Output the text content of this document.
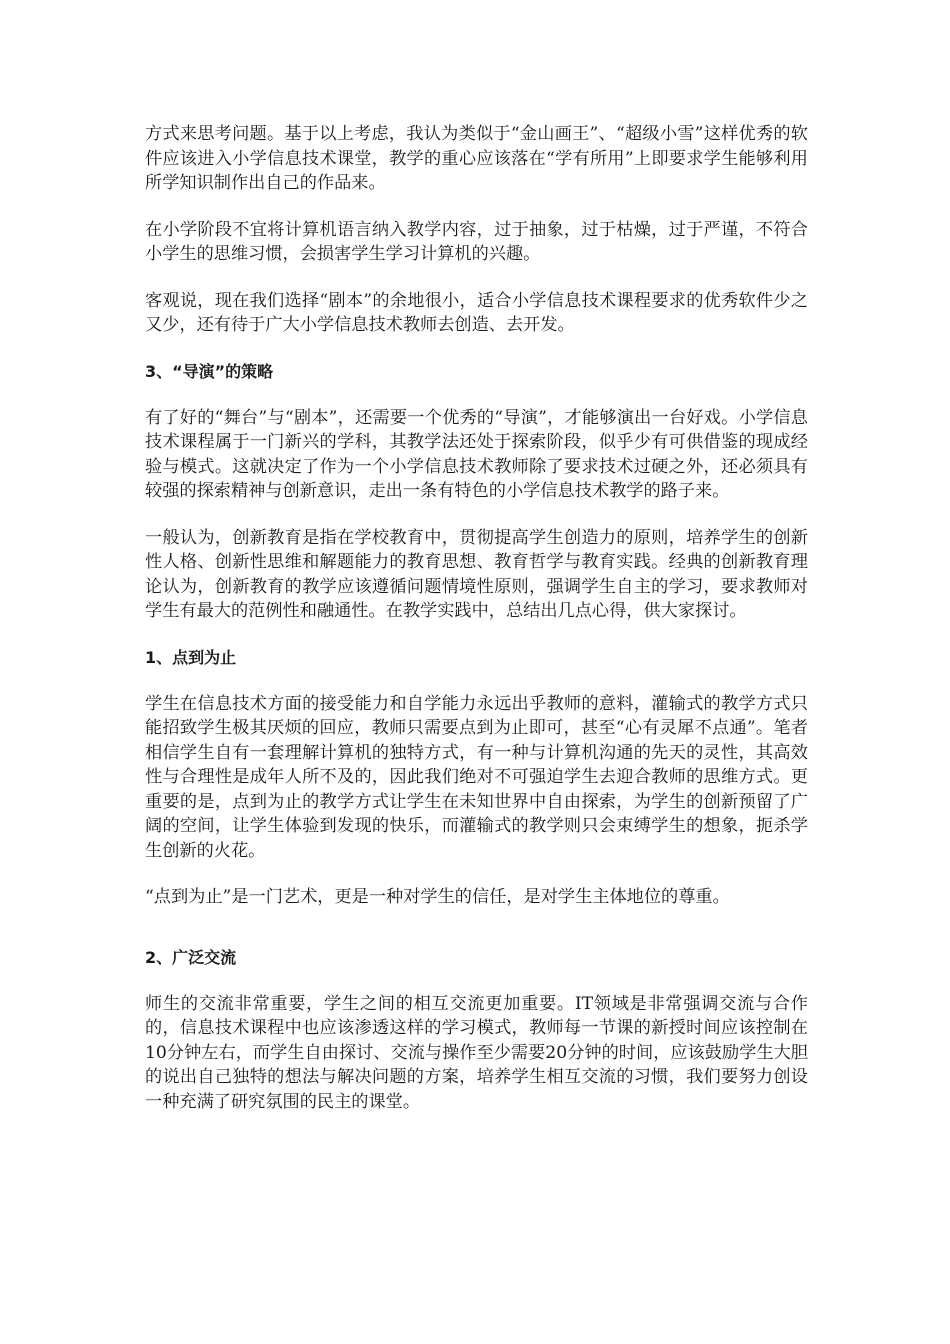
方式来思考问题。基于以上考虑，我认为类似于“金山画王”、“超级小雪”这样优秀的软件应该进入小学信息技术课堂，教学的重心应该落在“学有所用”上即要求学生能够利用所学知识制作出自己的作品来。

在小学阶段不宜将计算机语言纳入教学内容，过于抽象，过于枯燥，过于严谨，不符合小学生的思维习惯，会损害学生学习计算机的兴趣。

客观说，现在我们选择“剧本”的余地很小，适合小学信息技术课程要求的优秀软件少之又少，还有待于广大小学信息技术教师去创造、去开发。

3、“导演”的策略

有了好的“舞台”与“剧本”，还需要一个优秀的“导演”，才能够演出一台好戏。小学信息技术课程属于一门新兴的学科，其教学法还处于探索阶段，似乎少有可供借鉴的现成经验与模式。这就决定了作为一个小学信息技术教师除了要求技术过硬之外，还必须具有较强的探索精神与创新意识，走出一条有特色的小学信息技术教学的路子来。

一般认为，创新教育是指在学校教育中，贯彻提高学生创造力的原则，培养学生的创新性人格、创新性思维和解题能力的教育思想、教育哲学与教育实践。经典的创新教育理论认为，创新教育的教学应该遵循问题情境性原则，强调学生自主的学习，要求教师对学生有最大的范例性和融通性。在教学实践中，总结出几点心得，供大家探讨。

1、点到为止

学生在信息技术方面的接受能力和自学能力永远出乎教师的意料，灌输式的教学方式只能招致学生极其厌烦的回应，教师只需要点到为止即可，甚至“心有灵犀不点通”。笔者相信学生自有一套理解计算机的独特方式，有一种与计算机沟通的先天的灵性，其高效性与合理性是成年人所不及的，因此我们绝对不可强迫学生去迎合教师的思维方式。更重要的是，点到为止的教学方式让学生在未知世界中自由探索，为学生的创新预留了广阔的空间，让学生体验到发现的快乐，而灌输式的教学则只会束缚学生的想象，扼杀学生创新的火花。

“点到为止”是一门艺术，更是一种对学生的信任，是对学生主体地位的尊重。

2、广泛交流

师生的交流非常重要，学生之间的相互交流更加重要。IT领域是非常强调交流与合作的，信息技术课程中也应该渗透这样的学习模式，教师每一节课的新授时间应该控制在10分钟左右，而学生自由探讨、交流与操作至少需要20分钟的时间，应该鼓励学生大胆的说出自己独特的想法与解决问题的方案，培养学生相互交流的习惯，我们要努力创设一种充满了研究氛围的民主的课堂。
